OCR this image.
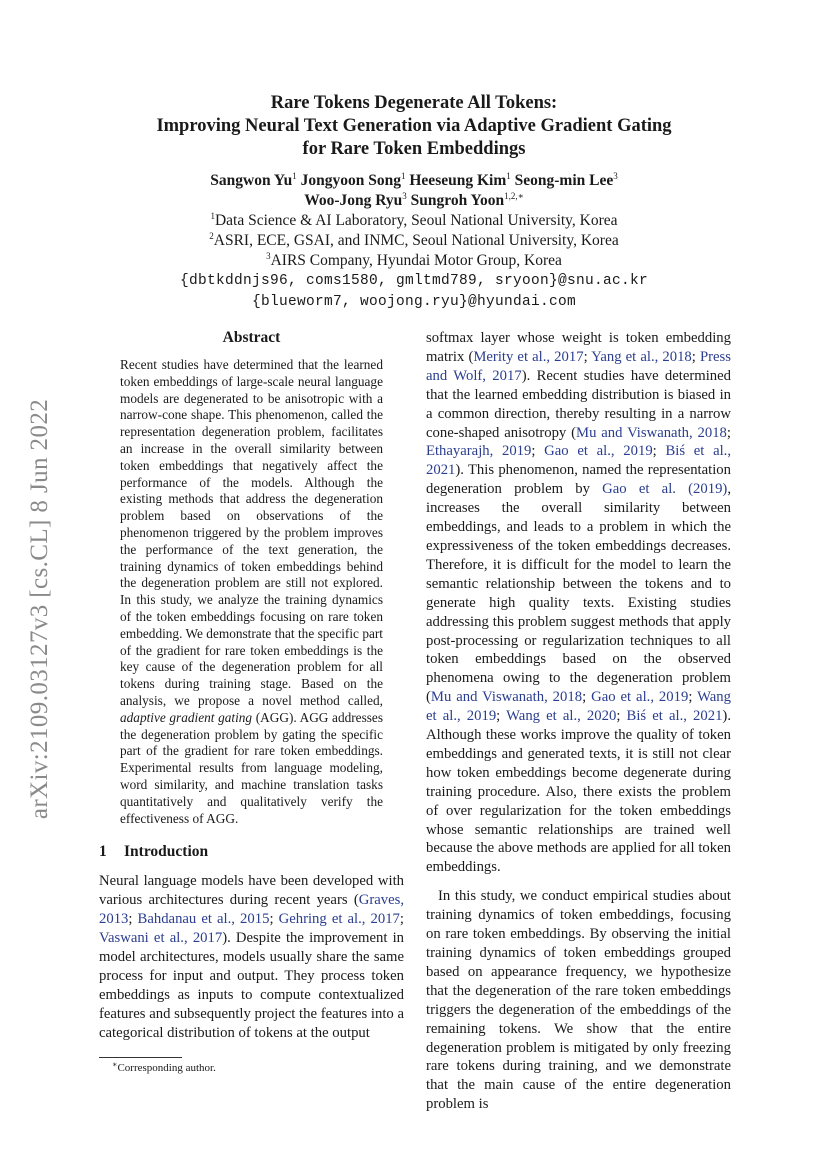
arXiv:2109.03127v3 [cs.CL] 8 Jun 2022
Rare Tokens Degenerate All Tokens:
Improving Neural Text Generation via Adaptive Gradient Gating
for Rare Token Embeddings
Sangwon Yu$^1$ Jongyoon Song$^1$ Heeseung Kim$^1$ Seong-min Lee$^3$
Woo-Jong Ryu$^3$ Sungroh Yoon$^{1,2,∗}$
$^1$Data Science & AI Laboratory, Seoul National University, Korea
$^2$ASRI, ECE, GSAI, and INMC, Seoul National University, Korea
$^3$AIRS Company, Hyundai Motor Group, Korea
{dbtkddnjs96, coms1580, gmltmd789, sryoon}@snu.ac.kr
{blueworm7, woojong.ryu}@hyundai.com
Abstract

Recent studies have determined that the learned token embeddings of large-scale neural language models are degenerated to be anisotropic with a narrow-cone shape. This phenomenon, called the representation degeneration problem, facilitates an increase in the overall similarity between token embeddings that negatively affect the performance of the models. Although the existing methods that address the degeneration problem based on observations of the phenomenon triggered by the problem improves the performance of the text generation, the training dynamics of token embeddings behind the degeneration problem are still not explored. In this study, we analyze the training dynamics of the token embeddings focusing on rare token embedding. We demonstrate that the specific part of the gradient for rare token embeddings is the key cause of the degeneration problem for all tokens during training stage. Based on the analysis, we propose a novel method called, adaptive gradient gating (AGG). AGG addresses the degeneration problem by gating the specific part of the gradient for rare token embeddings. Experimental results from language modeling, word similarity, and machine translation tasks quantitatively and qualitatively verify the effectiveness of AGG.

1 Introduction

Neural language models have been developed with various architectures during recent years (Graves, 2013; Bahdanau et al., 2015; Gehring et al., 2017; Vaswani et al., 2017). Despite the improvement in model architectures, models usually share the same process for input and output. They process token embeddings as inputs to compute contextualized features and subsequently project the features into a categorical distribution of tokens at the output

softmax layer whose weight is token embedding matrix (Merity et al., 2017; Yang et al., 2018; Press and Wolf, 2017). Recent studies have determined that the learned embedding distribution is biased in a common direction, thereby resulting in a narrow cone-shaped anisotropy (Mu and Viswanath, 2018; Ethayarajh, 2019; Gao et al., 2019; Biś et al., 2021). This phenomenon, named the representation degeneration problem by Gao et al. (2019), increases the overall similarity between embeddings, and leads to a problem in which the expressiveness of the token embeddings decreases. Therefore, it is difficult for the model to learn the semantic relationship between the tokens and to generate high quality texts. Existing studies addressing this problem suggest methods that apply post-processing or regularization techniques to all token embeddings based on the observed phenomena owing to the degeneration problem (Mu and Viswanath, 2018; Gao et al., 2019; Wang et al., 2019; Wang et al., 2020; Biś et al., 2021). Although these works improve the quality of token embeddings and generated texts, it is still not clear how token embeddings become degenerate during training procedure. Also, there exists the problem of over regularization for the token embeddings whose semantic relationships are trained well because the above methods are applied for all token embeddings.

In this study, we conduct empirical studies about training dynamics of token embeddings, focusing on rare token embeddings. By observing the initial training dynamics of token embeddings grouped based on appearance frequency, we hypothesize that the degeneration of the rare token embeddings triggers the degeneration of the embeddings of the remaining tokens. We show that the entire degeneration problem is mitigated by only freezing rare tokens during training, and we demonstrate that the main cause of the entire degeneration problem is

∗Corresponding author.
